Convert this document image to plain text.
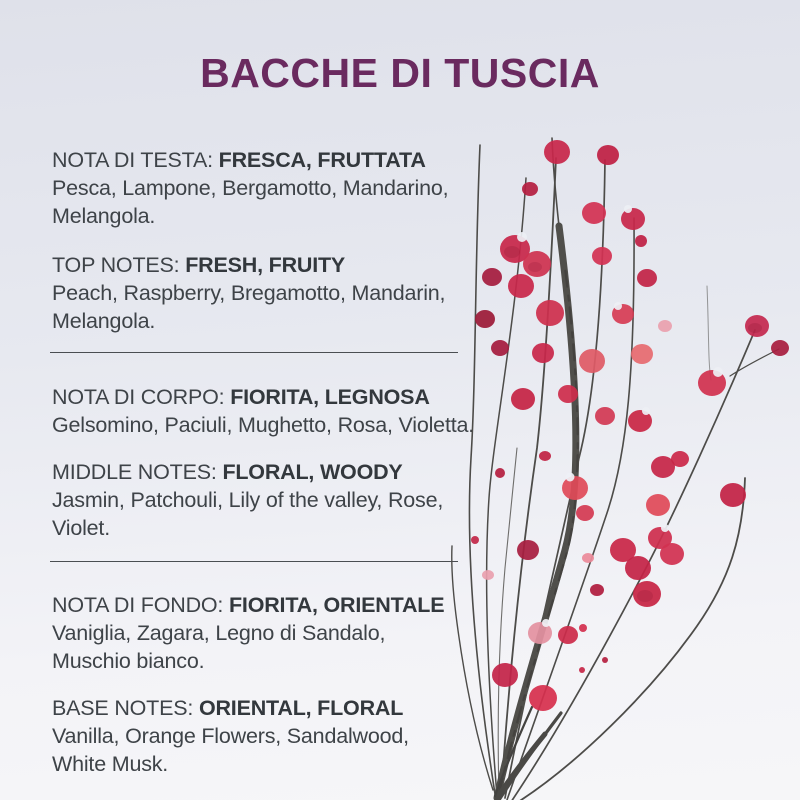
BACCHE DI TUSCIA
NOTA DI TESTA: FRESCA, FRUTTATA
Pesca, Lampone, Bergamotto, Mandarino,
Melangola.
TOP NOTES: FRESH, FRUITY
Peach, Raspberry, Bregamotto, Mandarin,
Melangola.
NOTA DI CORPO: FIORITA, LEGNOSA
Gelsomino, Paciuli, Mughetto, Rosa, Violetta.
MIDDLE NOTES: FLORAL, WOODY
Jasmin, Patchouli, Lily of the valley, Rose,
Violet.
NOTA DI FONDO: FIORITA, ORIENTALE
Vaniglia, Zagara, Legno di Sandalo,
Muschio bianco.
BASE NOTES: ORIENTAL, FLORAL
Vanilla, Orange Flowers, Sandalwood,
White Musk.
